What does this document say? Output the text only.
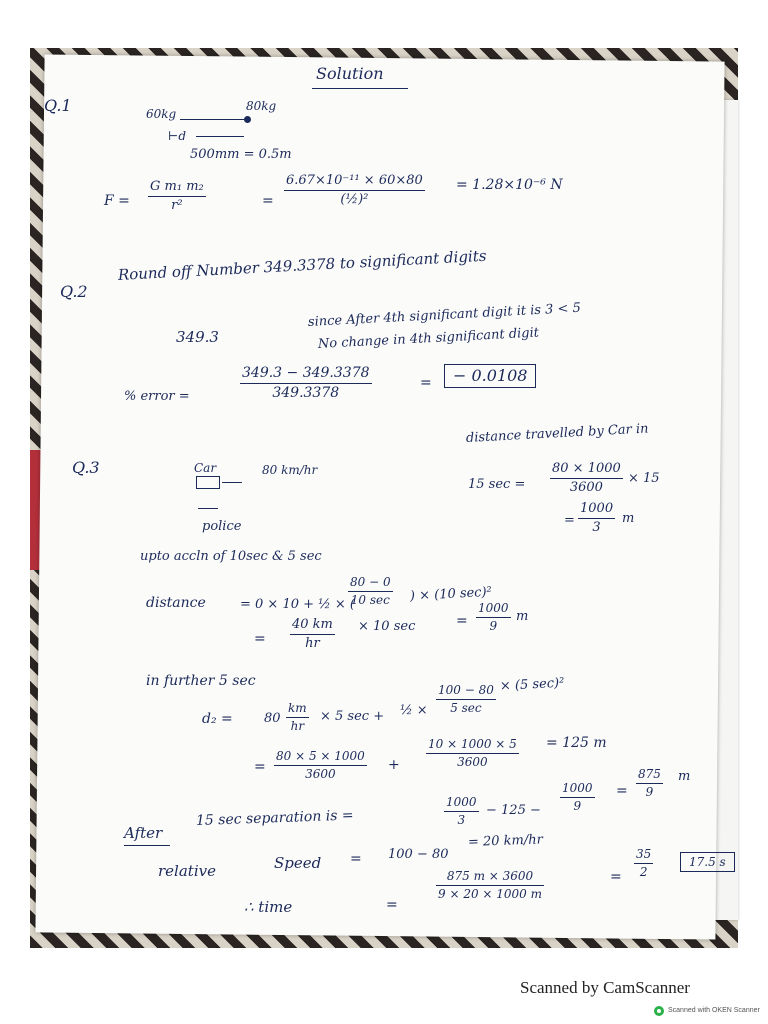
Solution
Q.1	60kg
80kg
⊢d
500mm = 0.5m
F =
G m₁ m₂
r²	=
6.67×10⁻¹¹ × 60×80
(½)²
= 1.28×10⁻⁶ N
Q.2
Round off Number 349.3378 to significant digits
349.3
since After 4th significant digit it is 3 < 5
No change in 4th significant digit
% error =
349.3 − 349.3378
349.3378
=	− 0.0108
Q.3	Car	80 km/hr
police
distance travelled by Car in
15 sec =
80 × 1000
3600
× 15
=
1000
3
m
upto accln of 10sec & 5 sec
distance	= 0 × 10 + ½ × (
80 − 0
10 sec ) × (10 sec)²
=
40 km
hr
× 10 sec	=
1000
9
m
in further 5 sec
d₂ = 80
km
hr
× 5 sec + ½ ×
100 − 80
5 sec
× (5 sec)²
=
80 × 5 × 1000
3600
+
10 × 1000 × 5
3600
= 125 m
After
15 sec separation is =
1000
3
− 125 −
1000
9
=
875
9
m
relative	Speed = 100 − 80
= 20 km/hr
35
2
∴ time	=
875 m × 3600
9 × 20 × 1000 m
=
17.5 s
Scanned by CamScanner
Scanned with OKEN Scanner
